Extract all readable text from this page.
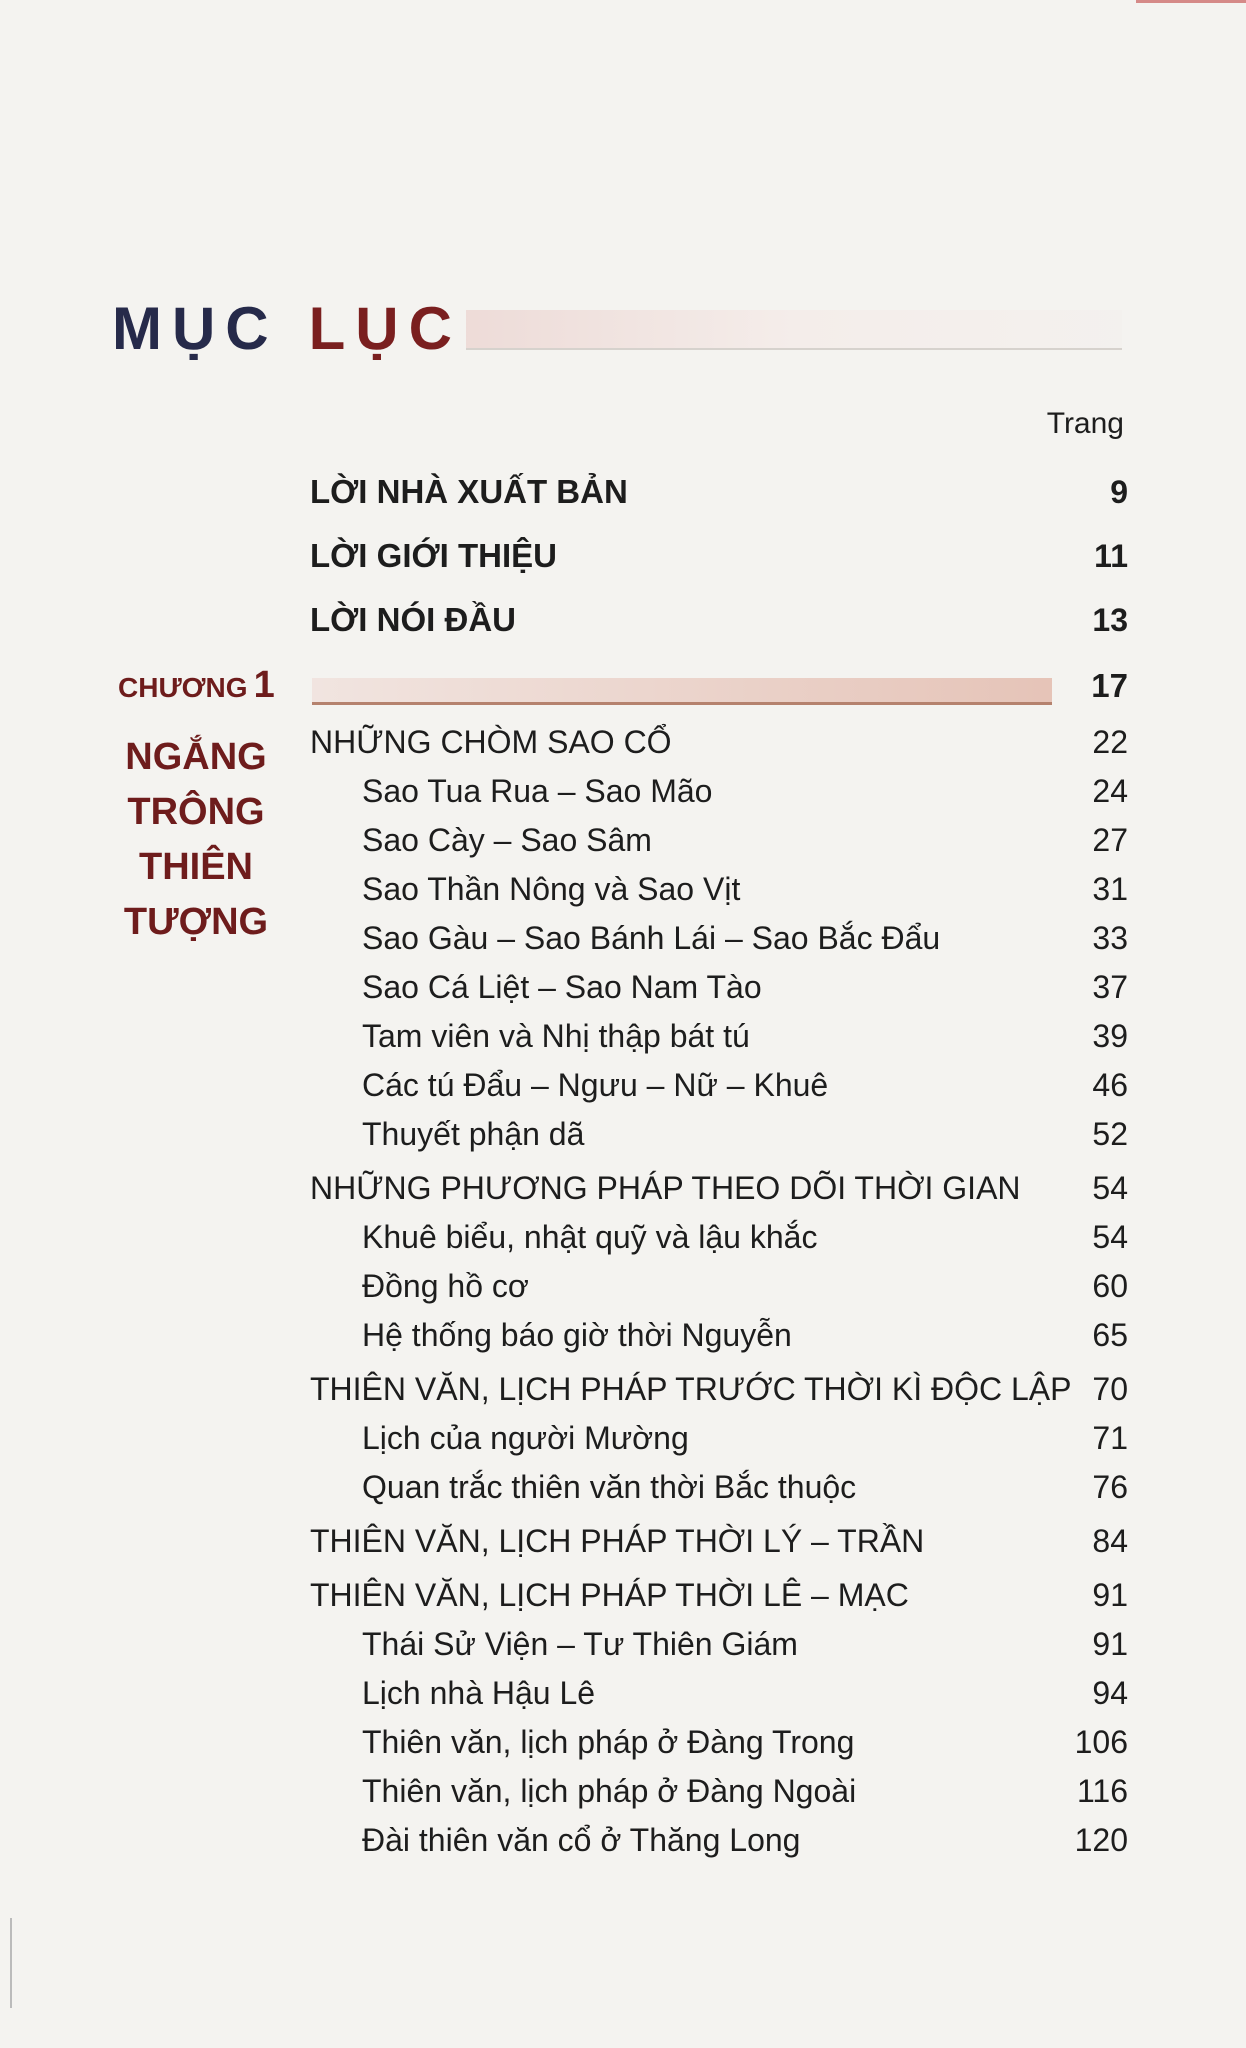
MỤC LỤC
Trang
LỜI NHÀ XUẤT BẢN	9
LỜI GIỚI THIỆU	11
LỜI NÓI ĐẦU	13
NHỮNG CHÒM SAO CỔ	22
Sao Tua Rua – Sao Mão	24
Sao Cày – Sao Sâm	27
Sao Thần Nông và Sao Vịt	31
Sao Gàu – Sao Bánh Lái – Sao Bắc Đẩu	33
Sao Cá Liệt – Sao Nam Tào	37
Tam viên và Nhị thập bát tú	39
Các tú Đẩu – Ngưu – Nữ – Khuê	46
Thuyết phận dã	52
NHỮNG PHƯƠNG PHÁP THEO DÕI THỜI GIAN 54
Khuê biểu, nhật quỹ và lậu khắc	54
Đồng hồ cơ	60
Hệ thống báo giờ thời Nguyễn	65
THIÊN VĂN, LỊCH PHÁP TRƯỚC THỜI KÌ ĐỘC LẬP 70
Lịch của người Mường	71
Quan trắc thiên văn thời Bắc thuộc	76
THIÊN VĂN, LỊCH PHÁP THỜI LÝ – TRẦN	84
THIÊN VĂN, LỊCH PHÁP THỜI LÊ – MẠC	91
Thái Sử Viện – Tư Thiên Giám	91
Lịch nhà Hậu Lê	94
Thiên văn, lịch pháp ở Đàng Trong	106
Thiên văn, lịch pháp ở Đàng Ngoài	116
Đài thiên văn cổ ở Thăng Long	120
CHƯƠNG 1	17
NGẮNG
TRÔNG
THIÊN
TƯỢNG
